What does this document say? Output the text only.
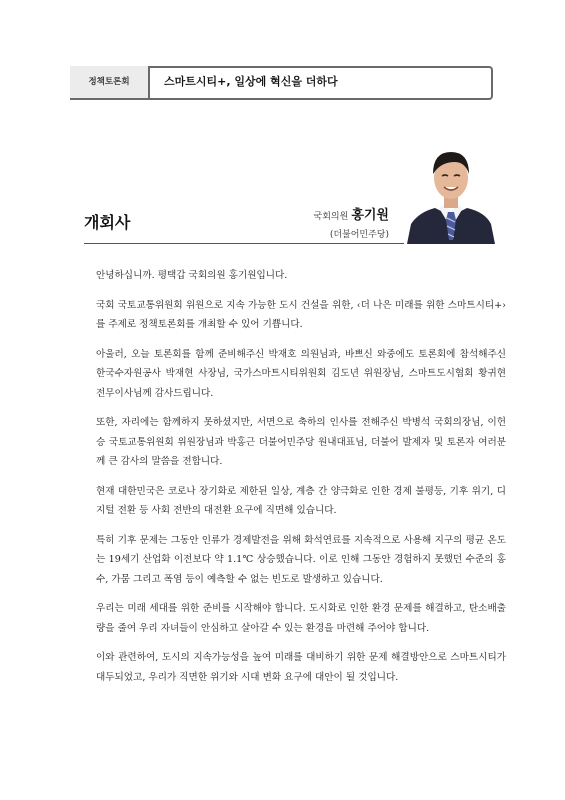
정책토론회	스마트시티+, 일상에 혁신을 더하다
개회사	국회의원 홍기원
(더불어민주당)

안녕하십니까. 평택갑 국회의원 홍기원입니다.

국회 국토교통위원회 위원으로 지속 가능한 도시 건설을 위한, ‹더 나은 미래를 위한 스마트시티+› 를 주제로 정책토론회를 개최할 수 있어 기쁩니다.

아울러, 오늘 토론회를 함께 준비해주신 박재호 의원님과, 바쁘신 와중에도 토론회에 참석해주신 한국수자원공사 박재현 사장님, 국가스마트시티위원회 김도년 위원장님, 스마트도시협회 황귀현 전무이사님께 감사드립니다.

또한, 자리에는 함께하지 못하셨지만, 서면으로 축하의 인사를 전해주신 박병석 국회의장님, 이헌승 국토교통위원회 위원장님과 박홍근 더불어민주당 원내대표님, 더불어 발제자 및 토론자 여러분께 큰 감사의 말씀을 전합니다.

현재 대한민국은 코로나 장기화로 제한된 일상, 계층 간 양극화로 인한 경제 불평등, 기후 위기, 디지털 전환 등 사회 전반의 대전환 요구에 직면해 있습니다.

특히 기후 문제는 그동안 인류가 경제발전을 위해 화석연료를 지속적으로 사용해 지구의 평균 온도는 19세기 산업화 이전보다 약 1.1℃ 상승했습니다. 이로 인해 그동안 경험하지 못했던 수준의 홍수, 가뭄 그리고 폭염 등이 예측할 수 없는 빈도로 발생하고 있습니다.

우리는 미래 세대를 위한 준비를 시작해야 합니다. 도시화로 인한 환경 문제를 해결하고, 탄소배출량을 줄여 우리 자녀들이 안심하고 살아갈 수 있는 환경을 마련해 주어야 합니다.

이와 관련하여, 도시의 지속가능성을 높여 미래를 대비하기 위한 문제 해결방안으로 스마트시티가 대두되었고, 우리가 직면한 위기와 시대 변화 요구에 대안이 될 것입니다.
